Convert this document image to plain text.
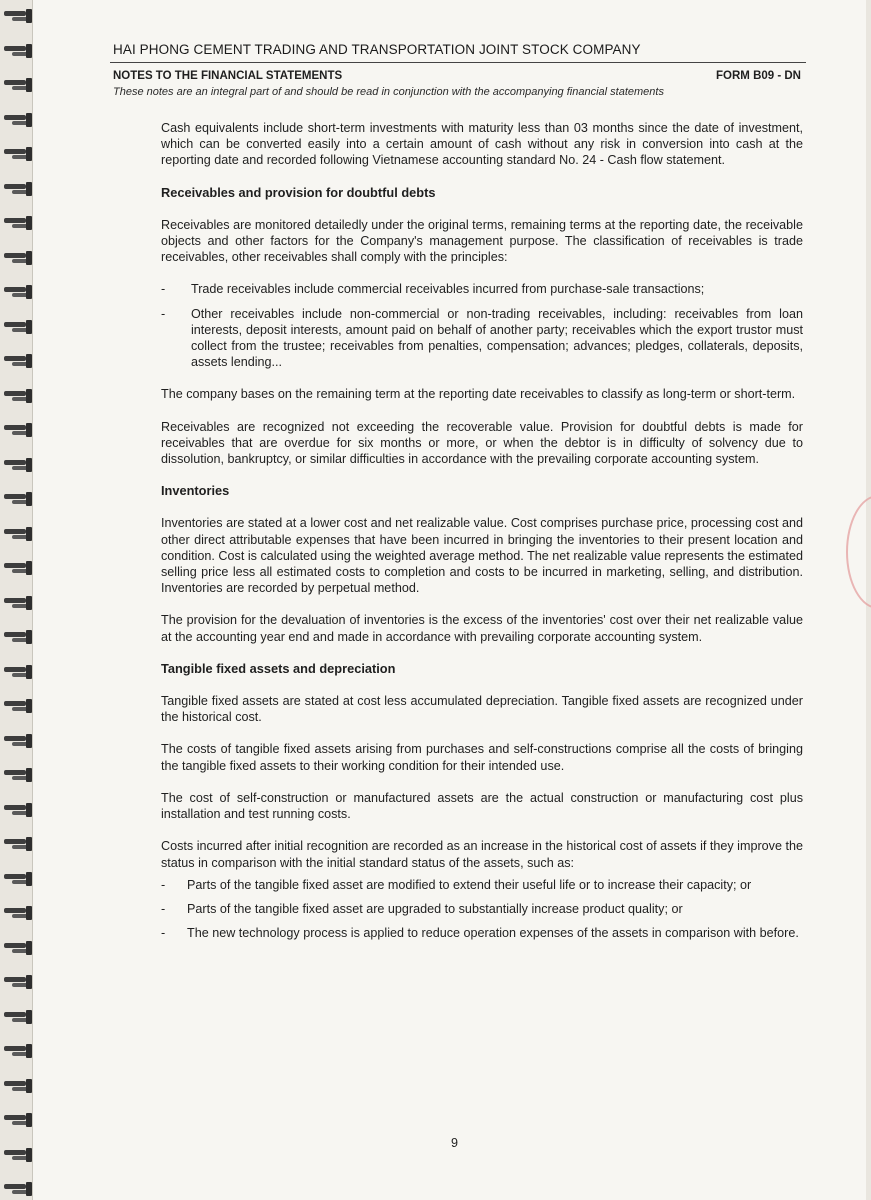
HAI PHONG CEMENT TRADING AND TRANSPORTATION JOINT STOCK COMPANY
NOTES TO THE FINANCIAL STATEMENTS	FORM B09 - DN
These notes are an integral part of and should be read in conjunction with the accompanying financial statements

Cash equivalents include short-term investments with maturity less than 03 months since the date of investment, which can be converted easily into a certain amount of cash without any risk in conversion into cash at the reporting date and recorded following Vietnamese accounting standard No. 24 - Cash flow statement.

Receivables and provision for doubtful debts

Receivables are monitored detailedly under the original terms, remaining terms at the reporting date, the receivable objects and other factors for the Company's management purpose. The classification of receivables is trade receivables, other receivables shall comply with the principles:

- Trade receivables include commercial receivables incurred from purchase-sale transactions;
- Other receivables include non-commercial or non-trading receivables, including: receivables from loan interests, deposit interests, amount paid on behalf of another party; receivables which the export trustor must collect from the trustee; receivables from penalties, compensation; advances; pledges, collaterals, deposits, assets lending...

The company bases on the remaining term at the reporting date receivables to classify as long-term or short-term.

Receivables are recognized not exceeding the recoverable value. Provision for doubtful debts is made for receivables that are overdue for six months or more, or when the debtor is in difficulty of solvency due to dissolution, bankruptcy, or similar difficulties in accordance with the prevailing corporate accounting system.

Inventories

Inventories are stated at a lower cost and net realizable value. Cost comprises purchase price, processing cost and other direct attributable expenses that have been incurred in bringing the inventories to their present location and condition. Cost is calculated using the weighted average method. The net realizable value represents the estimated selling price less all estimated costs to completion and costs to be incurred in marketing, selling, and distribution. Inventories are recorded by perpetual method.

The provision for the devaluation of inventories is the excess of the inventories' cost over their net realizable value at the accounting year end and made in accordance with prevailing corporate accounting system.

Tangible fixed assets and depreciation

Tangible fixed assets are stated at cost less accumulated depreciation. Tangible fixed assets are recognized under the historical cost.

The costs of tangible fixed assets arising from purchases and self-constructions comprise all the costs of bringing the tangible fixed assets to their working condition for their intended use.

The cost of self-construction or manufactured assets are the actual construction or manufacturing cost plus installation and test running costs.

Costs incurred after initial recognition are recorded as an increase in the historical cost of assets if they improve the status in comparison with the initial standard status of the assets, such as:

- Parts of the tangible fixed asset are modified to extend their useful life or to increase their capacity; or
- Parts of the tangible fixed asset are upgraded to substantially increase product quality; or
- The new technology process is applied to reduce operation expenses of the assets in comparison with before.
9
